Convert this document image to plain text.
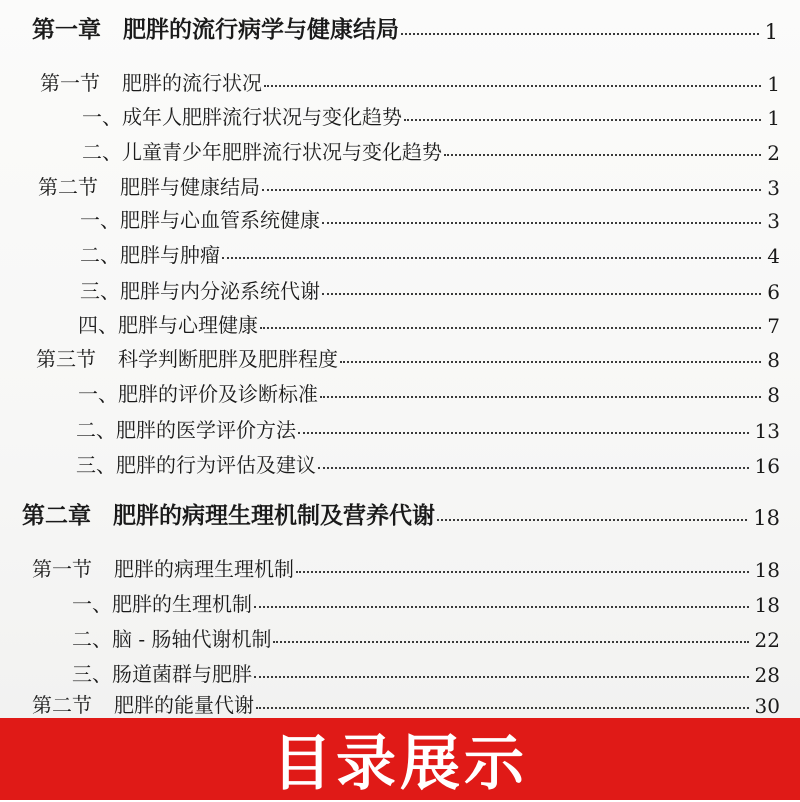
第一章 肥胖的流行病学与健康结局	1
第一节 肥胖的流行状况	1
一、成年人肥胖流行状况与变化趋势	1
二、儿童青少年肥胖流行状况与变化趋势	2
第二节 肥胖与健康结局	3
一、肥胖与心血管系统健康	3
二、肥胖与肿瘤	4
三、肥胖与内分泌系统代谢	6
四、肥胖与心理健康	7
第三节 科学判断肥胖及肥胖程度	8
一、肥胖的评价及诊断标准	8
二、肥胖的医学评价方法	13
三、肥胖的行为评估及建议	16
第二章 肥胖的病理生理机制及营养代谢	18
第一节 肥胖的病理生理机制	18
一、肥胖的生理机制	18
二、脑 - 肠轴代谢机制	22
三、肠道菌群与肥胖	28
第二节 肥胖的能量代谢	30
目录展示
